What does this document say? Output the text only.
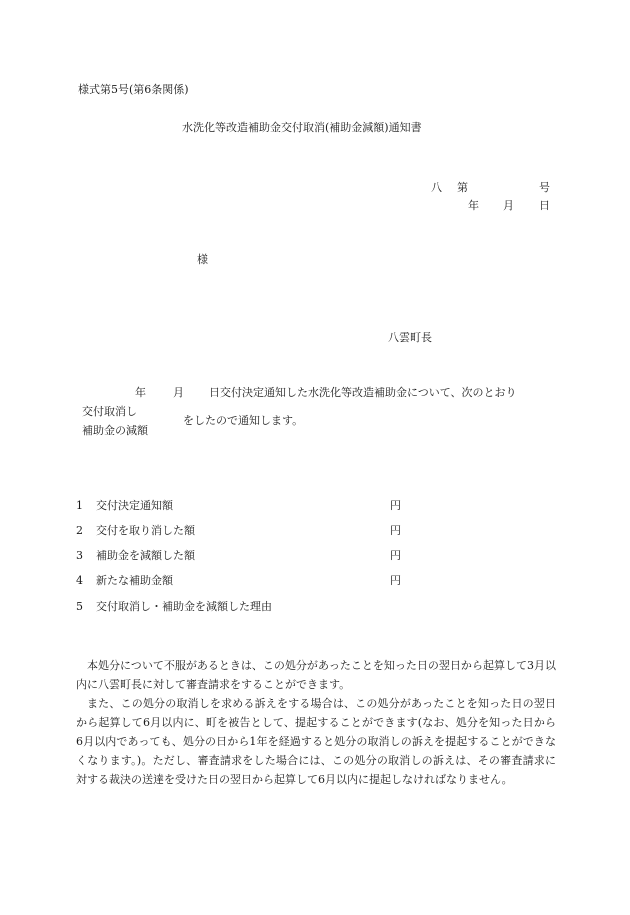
様式第5号(第6条関係)
水洗化等改造補助金交付取消(補助金減額)通知書
八 第	号
年 月 日
様
八雲町長
年 月 日交付決定通知した水洗化等改造補助金について、次のとおり
交付取消し
補助金の減額
をしたので通知します。
1 交付決定通知額	円
2 交付を取り消した額	円
3 補助金を減額した額	円
4 新たな補助金額	円
5 交付取消し・補助金を減額した理由

本処分について不服があるときは、この処分があったことを知った日の翌日から起算して3月以内に八雲町長に対して審査請求をすることができます。

また、この処分の取消しを求める訴えをする場合は、この処分があったことを知った日の翌日から起算して6月以内に、町を被告として、提起することができます(なお、処分を知った日から6月以内であっても、処分の日から1年を経過すると処分の取消しの訴えを提起することができなくなります。)。ただし、審査請求をした場合には、この処分の取消しの訴えは、その審査請求に対する裁決の送達を受けた日の翌日から起算して6月以内に提起しなければなりません。
